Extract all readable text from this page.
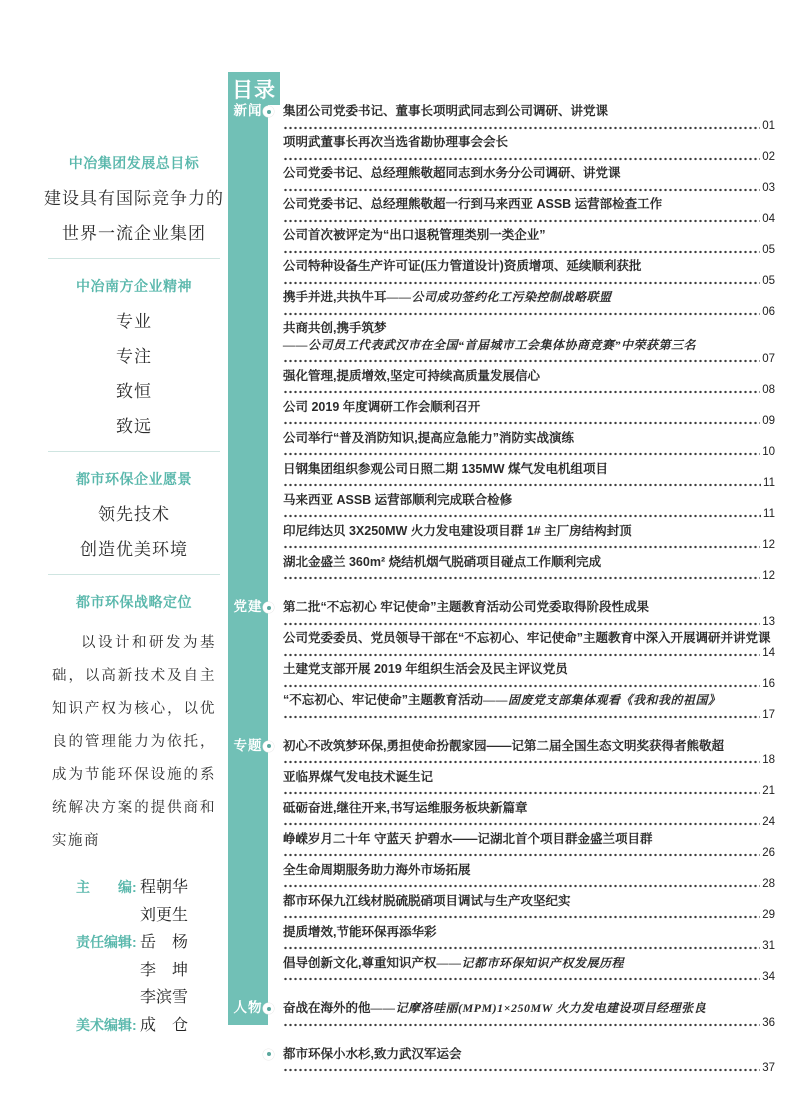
中冶集团发展总目标
建设具有国际竞争力的
世界一流企业集团
中冶南方企业精神
专业
专注
致恒
致远
都市环保企业愿景
领先技术
创造优美环境
都市环保战略定位
以设计和研发为基础，以高新技术及自主知识产权为核心，以优良的管理能力为依托，成为节能环保设施的系统解决方案的提供商和实施商
主　　编: 程朝华
刘更生
责任编辑: 岳　杨
李　坤
李滨雪
美术编辑: 成　仓
目录
新闻	集团公司党委书记、董事长项明武同志到公司调研、讲党课
01
项明武董事长再次当选省勘协理事会会长
02
公司党委书记、总经理熊敬超同志到水务分公司调研、讲党课
03
公司党委书记、总经理熊敬超一行到马来西亚 ASSB 运营部检查工作
04
公司首次被评定为“出口退税管理类别一类企业”
05
公司特种设备生产许可证(压力管道设计)资质增项、延续顺利获批
05
携手并进,共执牛耳——公司成功签约化工污染控制战略联盟
06
共商共创,携手筑梦
——公司员工代表武汉市在全国“首届城市工会集体协商竞赛”中荣获第三名
07
强化管理,提质增效,坚定可持续高质量发展信心
08
公司 2019 年度调研工作会顺利召开
09
公司举行“普及消防知识,提高应急能力”消防实战演练
10
日钢集团组织参观公司日照二期 135MW 煤气发电机组项目
11
马来西亚 ASSB 运营部顺利完成联合检修
11
印尼纬达贝 3X250MW 火力发电建设项目群 1# 主厂房结构封顶
12
湖北金盛兰 360m² 烧结机烟气脱硝项目碰点工作顺利完成
12
党建	第二批“不忘初心 牢记使命”主题教育活动公司党委取得阶段性成果
13
公司党委委员、党员领导干部在“不忘初心、牢记使命”主题教育中深入开展调研并讲党课
14
土建党支部开展 2019 年组织生活会及民主评议党员
16
“不忘初心、牢记使命”主题教育活动——固废党支部集体观看《我和我的祖国》
17
专题	初心不改筑梦环保,勇担使命扮靓家园——记第二届全国生态文明奖获得者熊敬超
18
亚临界煤气发电技术诞生记
21
砥砺奋进,继往开来,书写运维服务板块新篇章
24
峥嵘岁月二十年 守蓝天 护碧水——记湖北首个项目群金盛兰项目群
26
全生命周期服务助力海外市场拓展
28
都市环保九江线材脱硫脱硝项目调试与生产攻坚纪实
29
提质增效,节能环保再添华彩
31
倡导创新文化,尊重知识产权——记都市环保知识产权发展历程
34
人物	奋战在海外的他——记摩洛哇丽(MPM)1×250MW 火力发电建设项目经理张良
36
文化	都市环保小水杉,致力武汉军运会
37
